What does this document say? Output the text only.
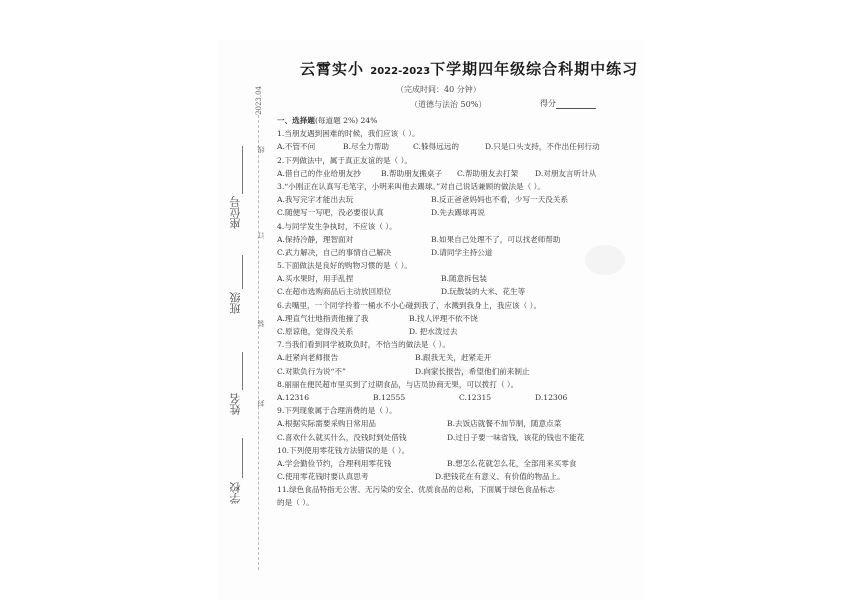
云霄实小 2022-2023下学期四年级综合科期中练习
（完成时间：40 分钟）
（道德与法治 50%）	得分
2023.04
线
订
装
封
座位号
班级
姓名
学校
一、选择题(每道题 2%) 24%
1.当朋友遇到困难的时候，我们应该（ ）。
A.不管不问	B.尽全力帮助	C.躲得远远的	D.只是口头支持，不作出任何行动
2.下列做法中，属于真正友谊的是（ ）。
A.借自己的作业给朋友抄	B.帮助朋友搬桌子 C.帮助朋友去打架 D.对朋友言听计从
3.“小刚正在认真写毛笔字，小明来叫他去踢球。”对自己说话兼顾的做法是（ ）。
A.我写完字才能出去玩	B.反正爸爸妈妈也不看，少写一天没关系
C.随便写一写吧，没必要很认真	D.先去踢球再说
4.与同学发生争执时，不应该（ ）。
A.保持冷静，理智面对	B.如果自己处理不了，可以找老师帮助
C.武力解决，自己的事情自己解决	D.请同学主持公道
5.下面做法是良好的购物习惯的是（ ）。
A.买水果时，用手乱捏	B.随意拆包装
C.在超市选购商品后主动放回原位	D.玩散装的大米、花生等
6.去嘴里，一个同学拎着一桶水不小心碰到我了，水溅到我身上，我应该（ ）。
A.理直气壮地指责他撞了我	B.找人评理不依不饶
C.原谅他，觉得没关系	D. 把水泼过去
7.当我们看到同学被欺负时，不恰当的做法是（ ）。
A.赶紧向老师报告	B.跟我无关，赶紧走开
C.对欺负行为说“不”	D.向家长报告，希望他们前来制止
8.丽丽在便民超市里买到了过期食品，与店员协商无果，可以拨打（ ）。
A.12316	B.12555	C.12315	D.12306
9.下列现象属于合理消费的是（ ）。
A.根据实际需要采购日常用品	B.去饭店就餐不加节制，随意点菜
C.喜欢什么就买什么，没钱时到处借钱	D.过日子要一味省钱，该花的钱也不能花
10.下列使用零花钱方法错误的是（ ）。
A.学会勤俭节约，合理利用零花钱	B.想怎么花就怎么花，全部用来买零食
C.使用零花钱时要认真思考	D.把钱花在有意义、有价值的物品上。
11.绿色食品特指无公害、无污染的安全、优质食品的总称，下面属于绿色食品标志
的是（ ）。
